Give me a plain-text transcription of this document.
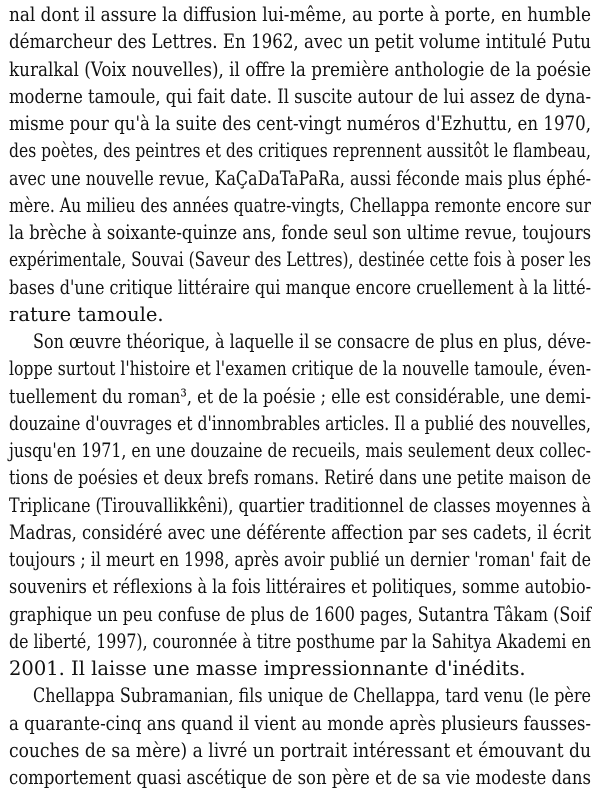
nal dont il assure la diffusion lui-même, au porte à porte, en humble
démarcheur des Lettres. En 1962, avec un petit volume intitulé Putu
kuralkal (Voix nouvelles), il offre la première anthologie de la poésie
moderne tamoule, qui fait date. Il suscite autour de lui assez de dyna-
misme pour qu'à la suite des cent-vingt numéros d'Ezhuttu, en 1970,
des poètes, des peintres et des critiques reprennent aussitôt le flambeau,
avec une nouvelle revue, KaÇaDaTaPaRa, aussi féconde mais plus éphé-
mère. Au milieu des années quatre-vingts, Chellappa remonte encore sur
la brèche à soixante-quinze ans, fonde seul son ultime revue, toujours
expérimentale, Souvai (Saveur des Lettres), destinée cette fois à poser les
bases d'une critique littéraire qui manque encore cruellement à la litté-
rature tamoule.
Son œuvre théorique, à laquelle il se consacre de plus en plus, déve-
loppe surtout l'histoire et l'examen critique de la nouvelle tamoule, éven-
tuellement du roman³, et de la poésie ; elle est considérable, une demi-
douzaine d'ouvrages et d'innombrables articles. Il a publié des nouvelles,
jusqu'en 1971, en une douzaine de recueils, mais seulement deux collec-
tions de poésies et deux brefs romans. Retiré dans une petite maison de
Triplicane (Tirouvallikkêni), quartier traditionnel de classes moyennes à
Madras, considéré avec une déférente affection par ses cadets, il écrit
toujours ; il meurt en 1998, après avoir publié un dernier 'roman' fait de
souvenirs et réflexions à la fois littéraires et politiques, somme autobio-
graphique un peu confuse de plus de 1600 pages, Sutantra Tâkam (Soif
de liberté, 1997), couronnée à titre posthume par la Sahitya Akademi en
2001. Il laisse une masse impressionnante d'inédits.
Chellappa Subramanian, fils unique de Chellappa, tard venu (le père
a quarante-cinq ans quand il vient au monde après plusieurs fausses-
couches de sa mère) a livré un portrait intéressant et émouvant du
comportement quasi ascétique de son père et de sa vie modeste dans
